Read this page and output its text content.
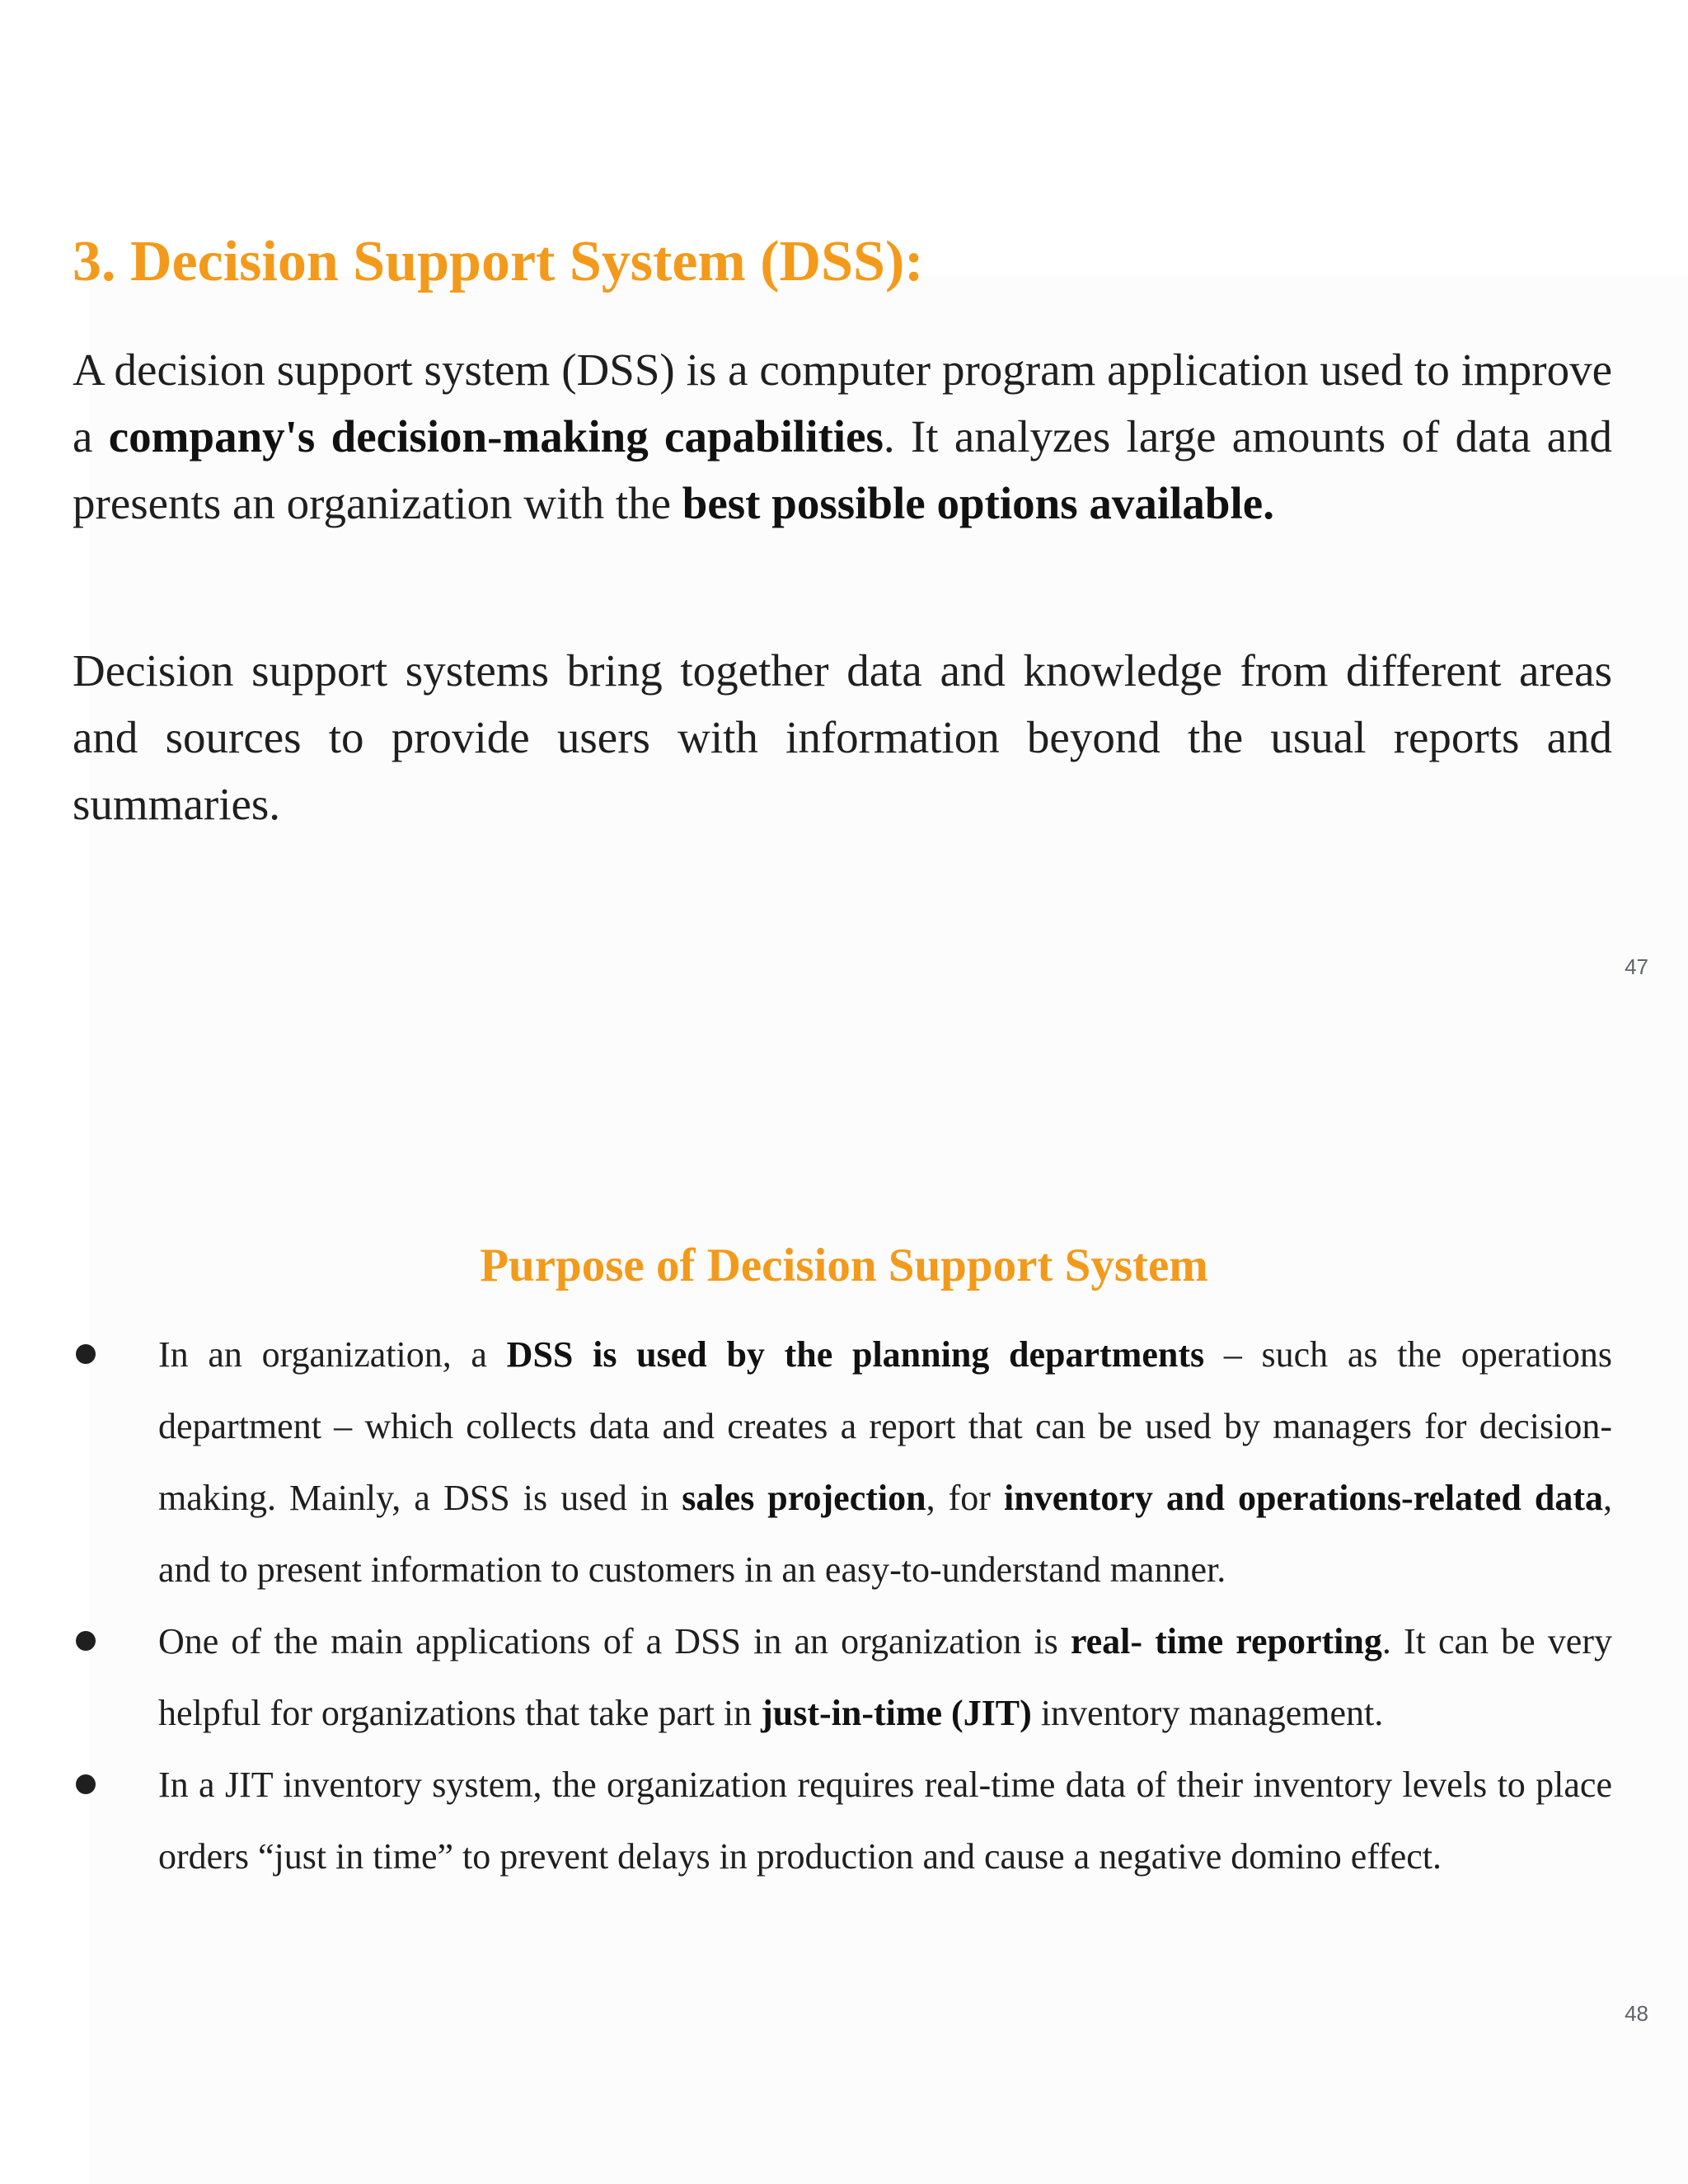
3. Decision Support System (DSS):

A decision support system (DSS) is a computer program application used to improve a company's decision-making capabilities. It analyzes large amounts of data and presents an organization with the best possible options available.

Decision support systems bring together data and knowledge from different areas and sources to provide users with information beyond the usual reports and summaries.

47
Purpose of Decision Support System
In an organization, a DSS is used by the planning departments – such as the operations department – which collects data and creates a report that can be used by managers for decision-making. Mainly, a DSS is used in sales projection, for inventory and operations-related data, and to present information to customers in an easy-to-understand manner.
One of the main applications of a DSS in an organization is real- time reporting. It can be very helpful for organizations that take part in just-in-time (JIT) inventory management.
In a JIT inventory system, the organization requires real-time data of their inventory levels to place orders “just in time” to prevent delays in production and cause a negative domino effect.
48
